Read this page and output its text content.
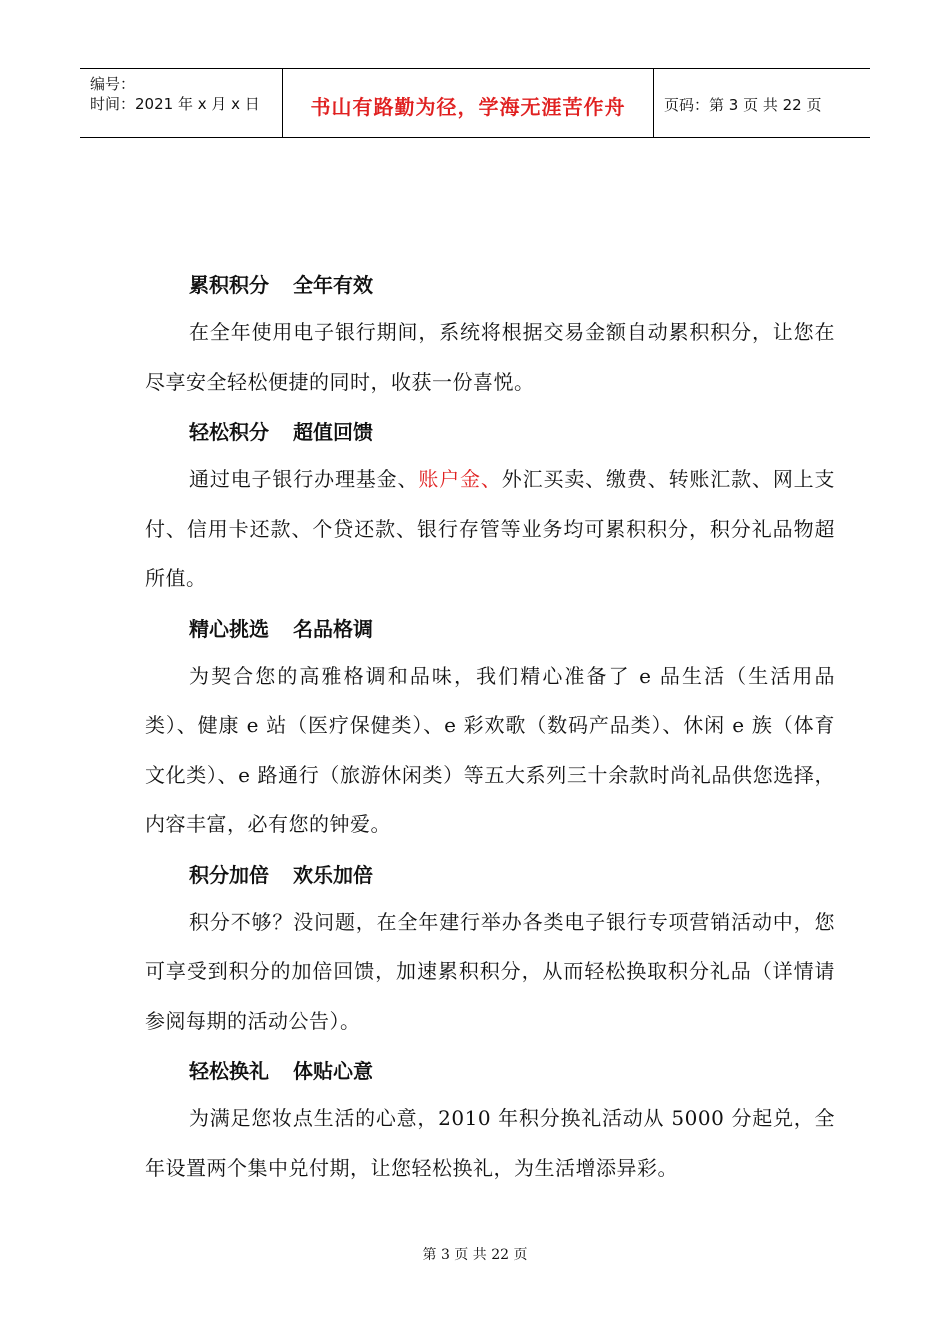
编号：
时间：2021 年 x 月 x 日	书山有路勤为径，学海无涯苦作舟	页码：第 3 页 共 22 页
累积积分 全年有效

在全年使用电子银行期间，系统将根据交易金额自动累积积分，让您在尽享安全轻松便捷的同时，收获一份喜悦。

轻松积分 超值回馈

通过电子银行办理基金、账户金、外汇买卖、缴费、转账汇款、网上支付、信用卡还款、个贷还款、银行存管等业务均可累积积分，积分礼品物超所值。

精心挑选 名品格调

为契合您的高雅格调和品味，我们精心准备了 e 品生活（生活用品类）、健康 e 站（医疗保健类）、e 彩欢歌（数码产品类）、休闲 e 族（体育文化类）、e 路通行（旅游休闲类）等五大系列三十余款时尚礼品供您选择，内容丰富，必有您的钟爱。

积分加倍 欢乐加倍

积分不够？没问题，在全年建行举办各类电子银行专项营销活动中，您可享受到积分的加倍回馈，加速累积积分，从而轻松换取积分礼品（详情请参阅每期的活动公告）。

轻松换礼 体贴心意

为满足您妆点生活的心意，2010 年积分换礼活动从 5000 分起兑，全年设置两个集中兑付期，让您轻松换礼，为生活增添异彩。

第 3 页 共 22 页
